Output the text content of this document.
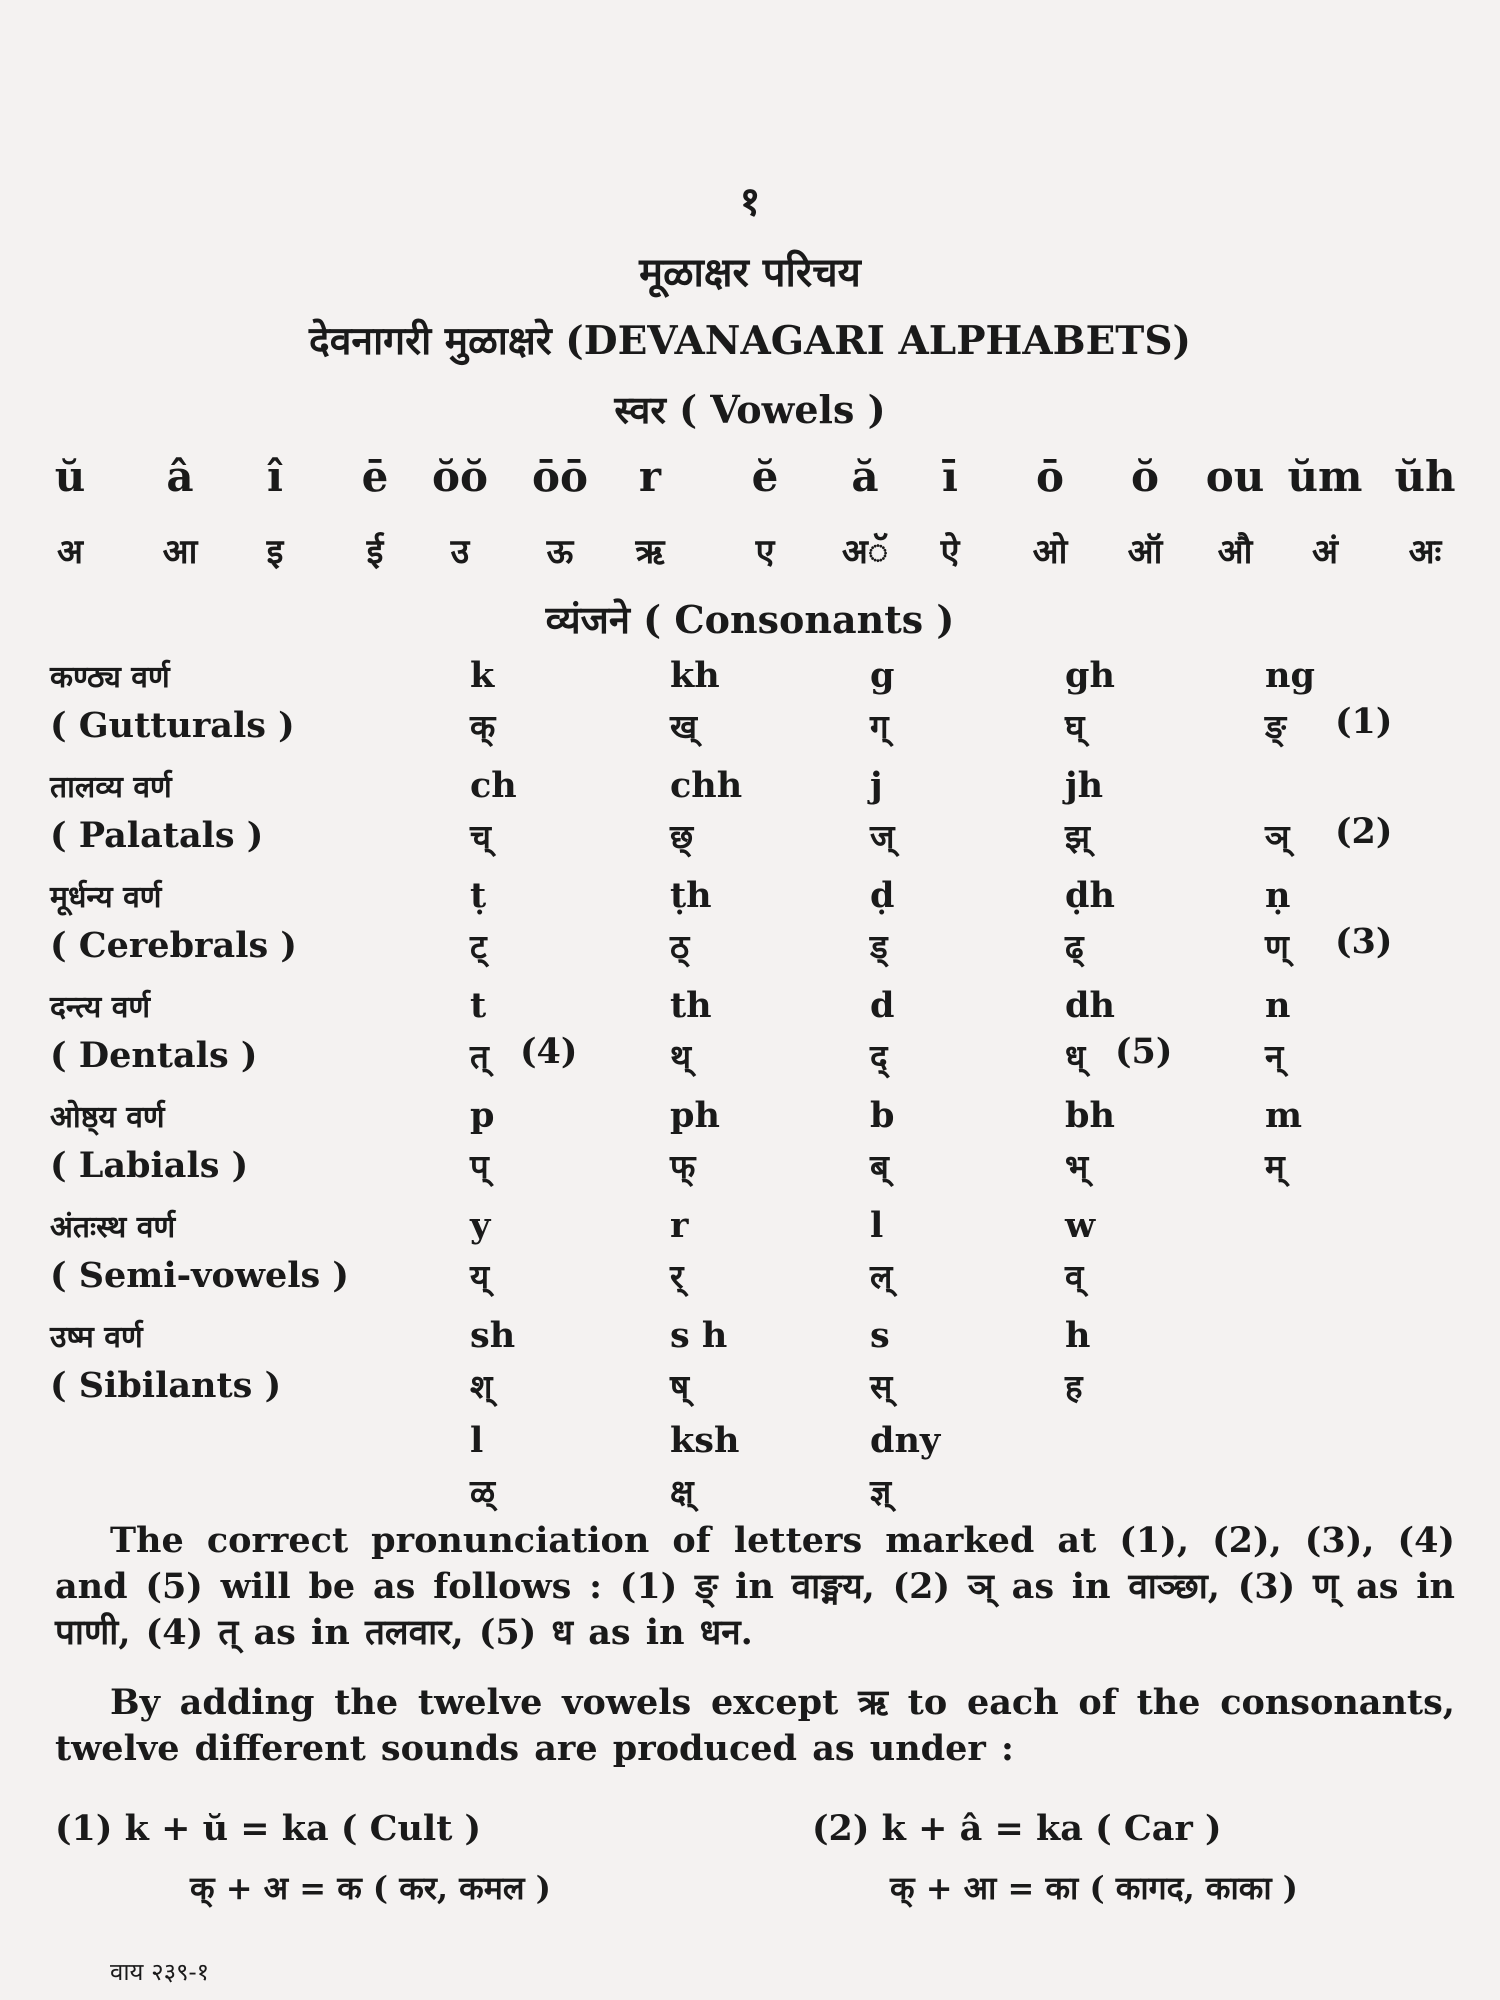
१
मूळाक्षर परिचय
देवनागरी मुळाक्षरे (DEVANAGARI ALPHABETS)
स्वर ( Vowels )
ŭ â î ē ŏŏ ōō r ĕ ă ī ō ŏ ou ŭm ŭh
अ आ इ ई उ ऊ ऋ	ए अॅ ऐ ओ ऑ औ अं अः
व्यंजने ( Consonants )
कण्ठ्य वर्ण
( Gutturals )
k	kh	g	gh	ng
क्	ख्	ग्	घ्	ङ् (1)
तालव्य वर्ण
( Palatals )
ch	chh	j	jh
च्	छ्	ज्	झ्	ञ् (2)
मूर्धन्य वर्ण
( Cerebrals )
ṭ	ṭh	ḍ	ḍh	ṇ
ट्	ठ्	ड्	ढ्	ण् (3)
दन्त्य वर्ण
( Dentals )
t	th	d	dh	n
त्	थ्	द्	ध्	न्
(4)	(5)
ओष्ठ्य वर्ण
( Labials )
p	ph	b	bh	m
प्	फ्	ब्	भ्	म्
अंतःस्थ वर्ण
( Semi-vowels )
y	r	l	w
य्	र्	ल्	व्
उष्म वर्ण
( Sibilants )
sh	s h	s	h
श्	ष्	स्	ह
l	ksh	dny
ळ्	क्ष्	ज्ञ्
The correct pronunciation of letters marked at (1), (2), (3), (4) and (5) will be as follows : (1) ङ् in वाङ्मय, (2) ञ् as in वाञ्छा, (3) ण् as in पाणी, (4) त् as in तलवार, (5) ध as in धन.
By adding the twelve vowels except ऋ to each of the consonants, twelve different sounds are produced as under :
(1) k + ŭ = ka ( Cult )
क् + अ = क ( कर, कमल )
(2) k + â = ka ( Car )
क् + आ = का ( कागद, काका )
वाय २३९-१
